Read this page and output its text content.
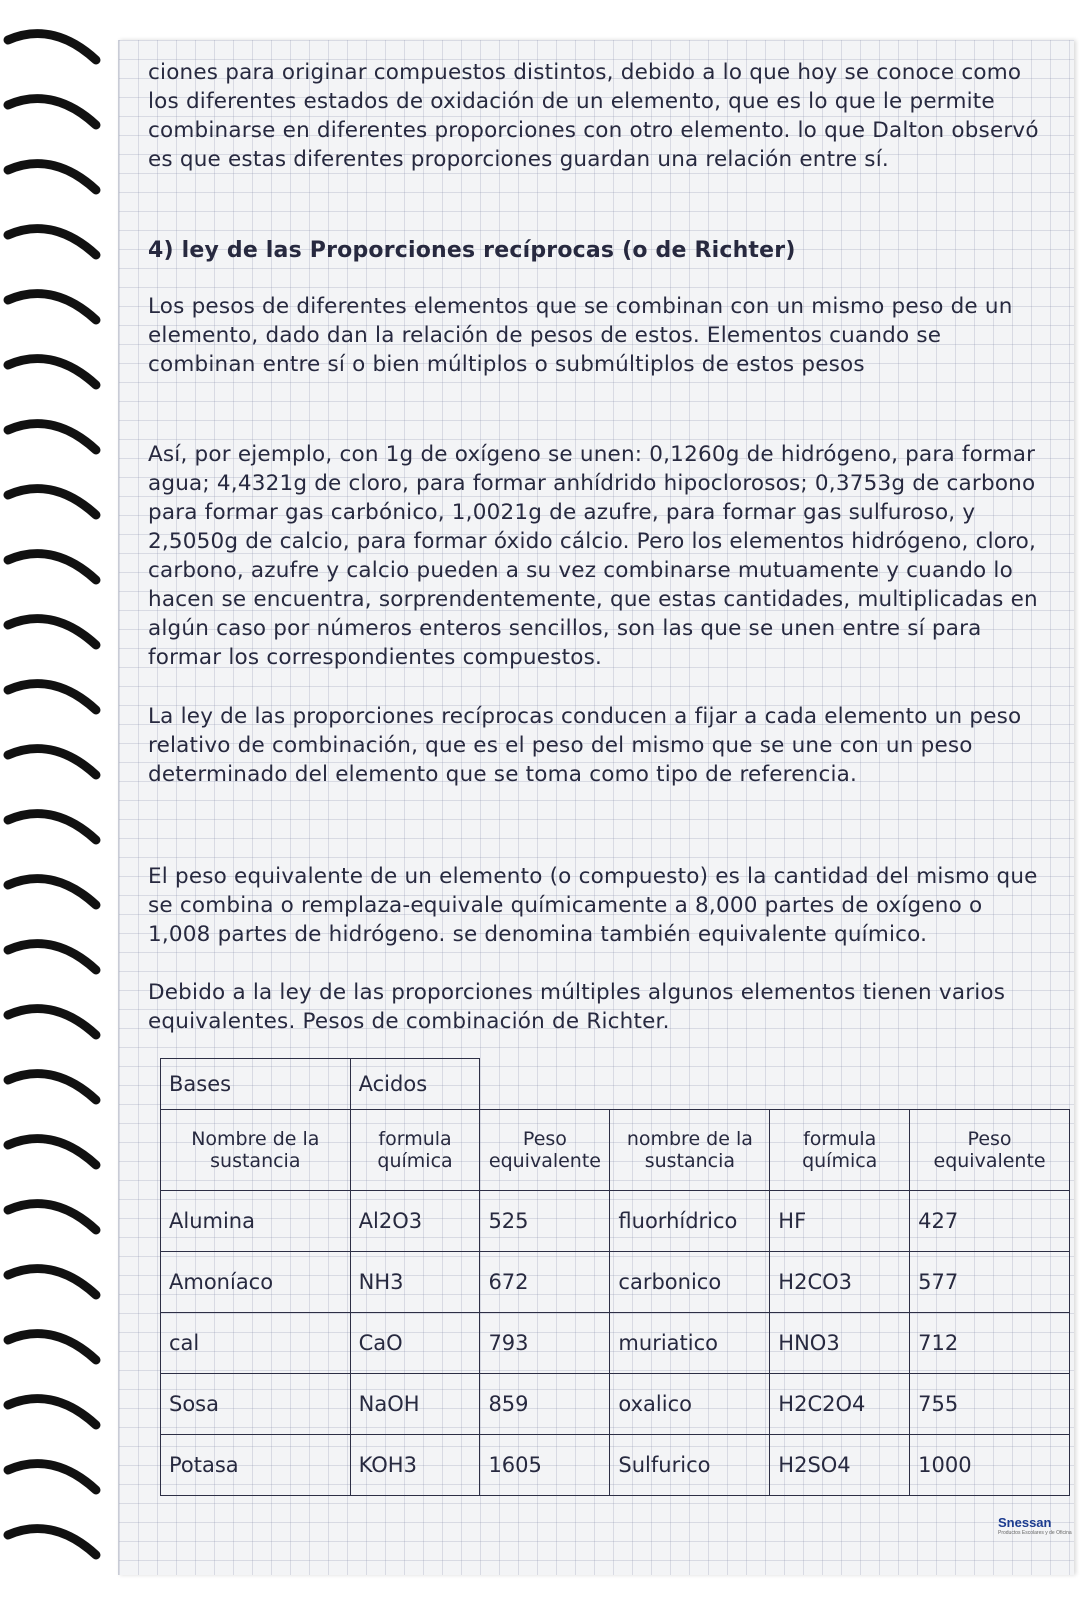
ciones para originar compuestos distintos, debido a lo que hoy se conoce como los diferentes estados de oxidación de un elemento, que es lo que le permite combinarse en diferentes proporciones con otro elemento. lo que Dalton observó es que estas diferentes proporciones guardan una relación entre sí.
4) ley de las Proporciones recíprocas (o de Richter)
Los pesos de diferentes elementos que se combinan con un mismo peso de un elemento, dado dan la relación de pesos de estos. Elementos cuando se combinan entre sí o bien múltiplos o submúltiplos de estos pesos
Así, por ejemplo, con 1g de oxígeno se unen: 0,1260g de hidrógeno, para formar agua; 4,4321g de cloro, para formar anhídrido hipoclorosos; 0,3753g de carbono para formar gas carbónico, 1,0021g de azufre, para formar gas sulfuroso, y 2,5050g de calcio, para formar óxido cálcio. Pero los elementos hidrógeno, cloro, carbono, azufre y calcio pueden a su vez combinarse mutuamente y cuando lo hacen se encuentra, sorprendentemente, que estas cantidades, multiplicadas en algún caso por números enteros sencillos, son las que se unen entre sí para formar los correspondientes compuestos.
La ley de las proporciones recíprocas conducen a fijar a cada elemento un peso relativo de combinación, que es el peso del mismo que se une con un peso determinado del elemento que se toma como tipo de referencia.
El peso equivalente de un elemento (o compuesto) es la cantidad del mismo que se combina o remplaza-equivale químicamente a 8,000 partes de oxígeno o 1,008 partes de hidrógeno. se denomina también equivalente químico.
Debido a la ley de las proporciones múltiples algunos elementos tienen varios equivalentes. Pesos de combinación de Richter.
Bases	Acidos				
Nombre de la sustancia	formula química	Peso equivalente	nombre de la sustancia	formula química	Peso equivalente
Alumina	Al2O3	525	fluorhídrico	HF	427
Amoníaco	NH3	672	carbonico	H2CO3	577
cal	CaO	793	muriatico	HNO3	712
Sosa	NaOH	859	oxalico	H2C2O4	755
Potasa	KOH3	1605	Sulfurico	H2SO4	1000
Snessan
Productos Escolares y de Oficina
